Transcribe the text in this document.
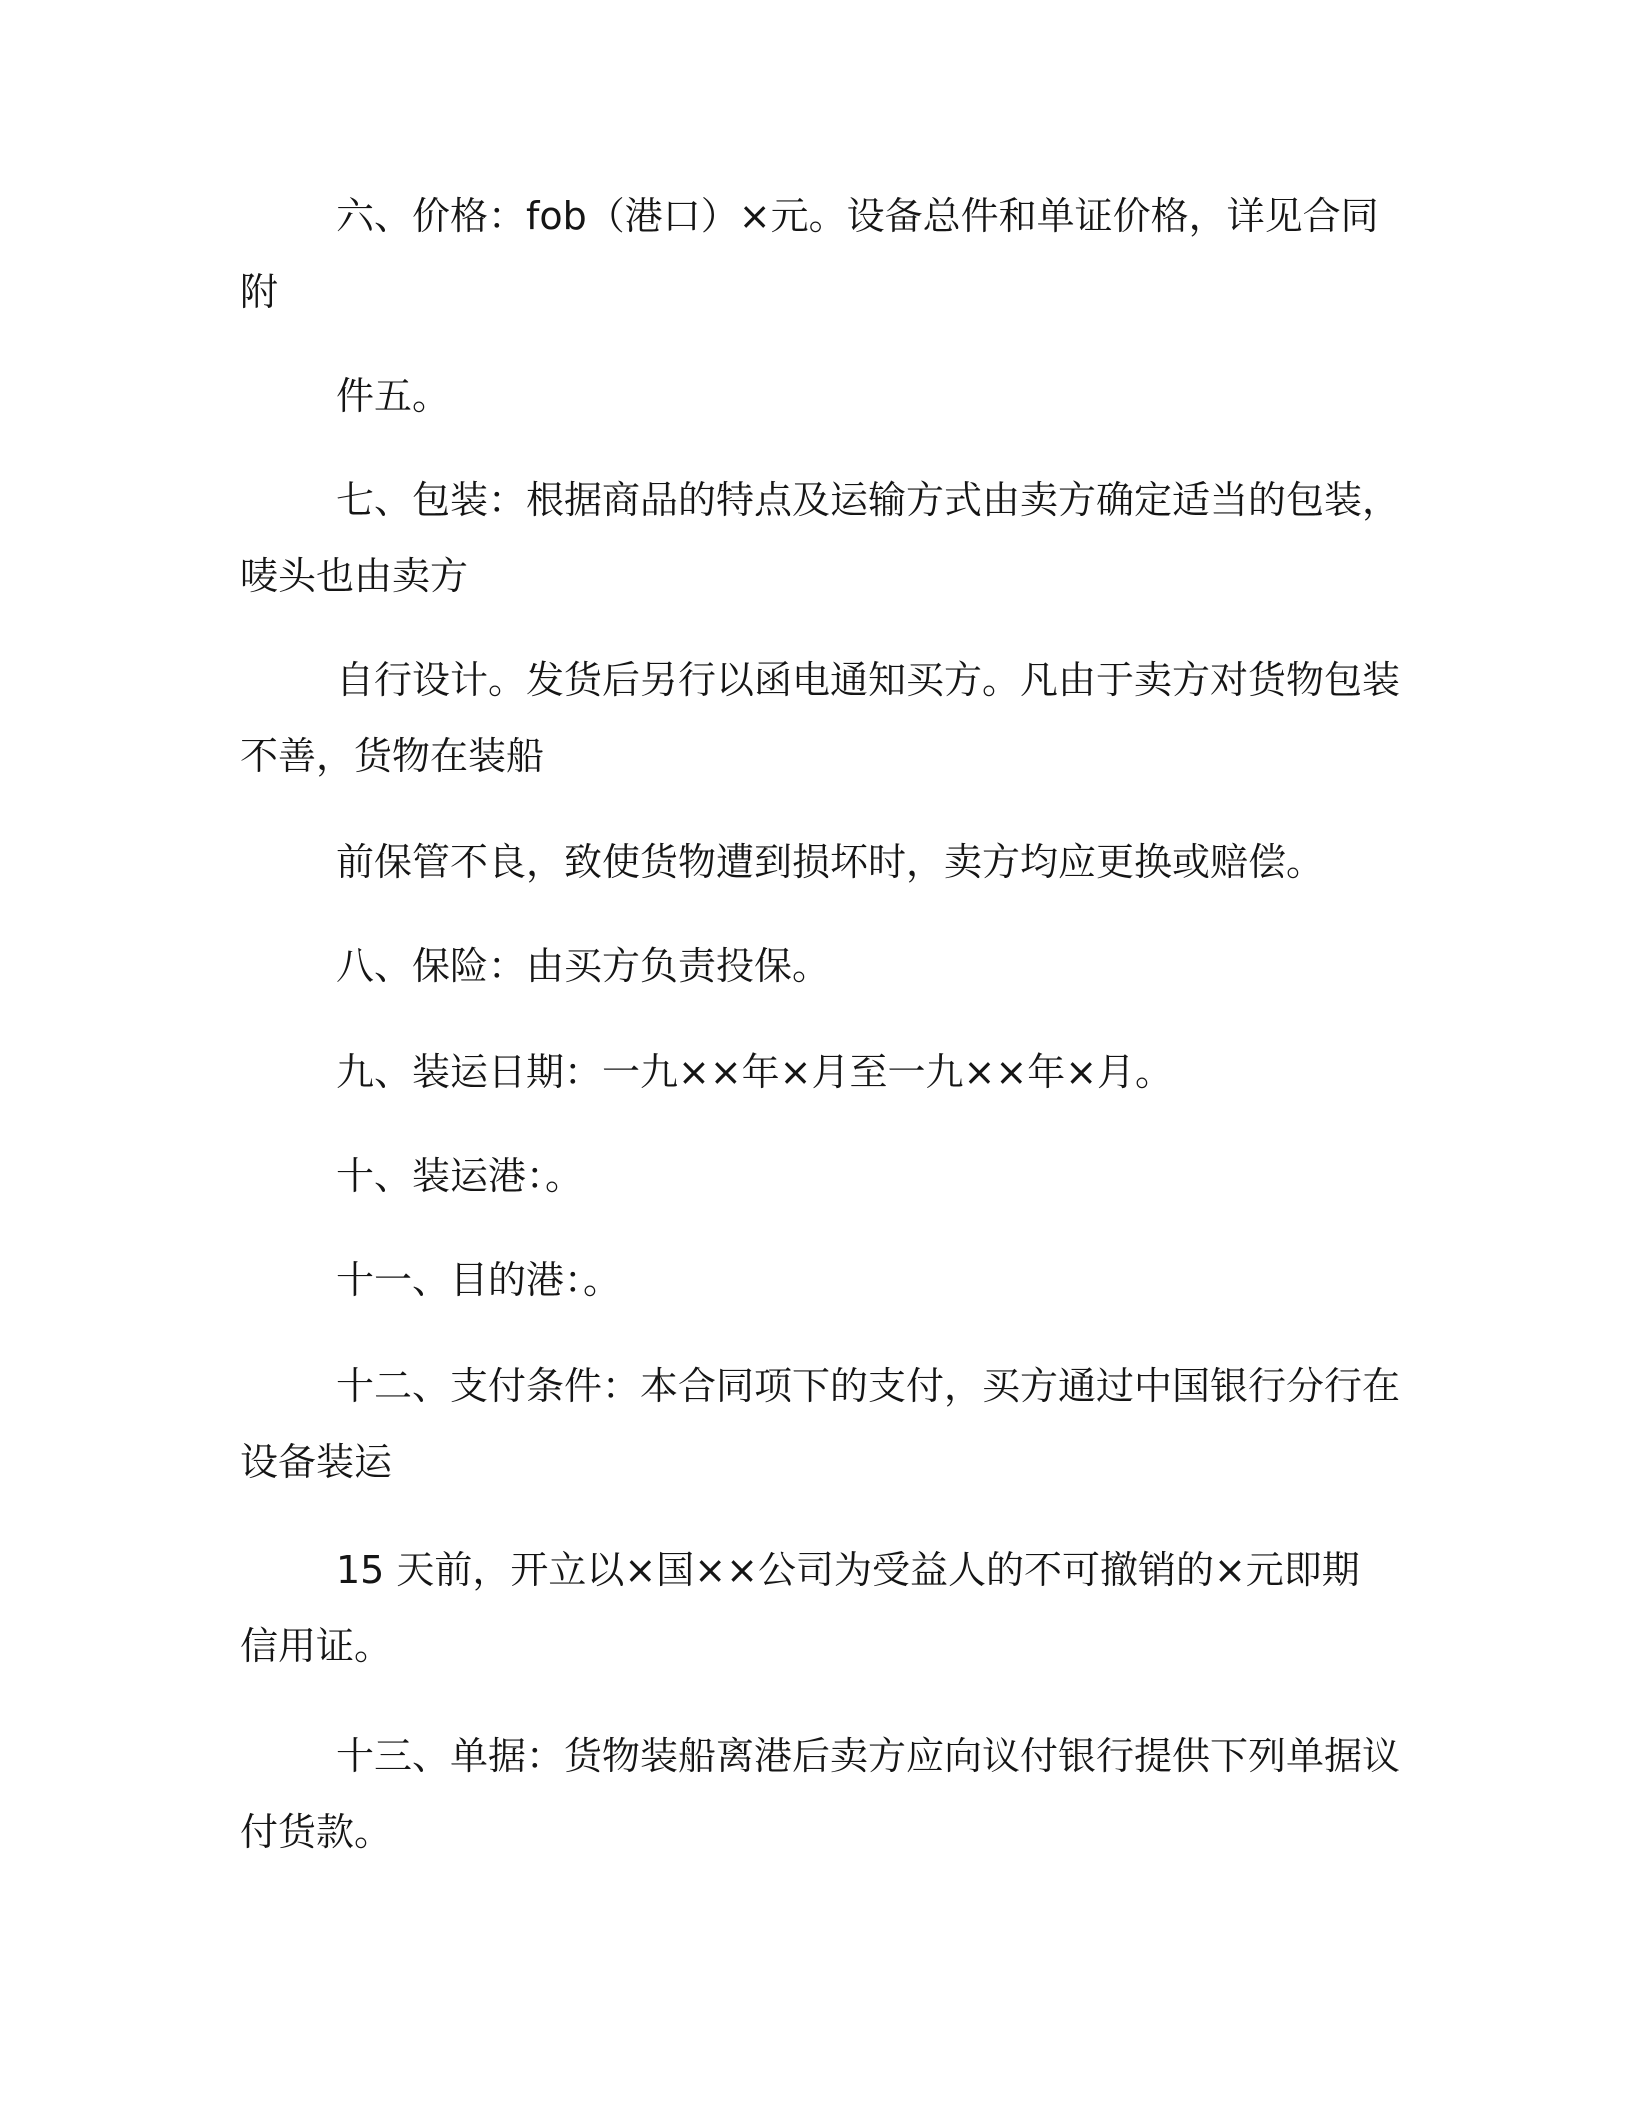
六、价格：fob（港口）×元。设备总件和单证价格，详见合同
附

件五。

七、包装：根据商品的特点及运输方式由卖方确定适当的包装，
唛头也由卖方

自行设计。发货后另行以函电通知买方。凡由于卖方对货物包装
不善，货物在装船

前保管不良，致使货物遭到损坏时，卖方均应更换或赔偿。

八、保险：由买方负责投保。

九、装运日期：一九××年×月至一九××年×月。

十、装运港：。

十一、目的港：。

十二、支付条件：本合同项下的支付，买方通过中国银行分行在
设备装运

15 天前，开立以×国××公司为受益人的不可撤销的×元即期
信用证。

十三、单据：货物装船离港后卖方应向议付银行提供下列单据议
付货款。
